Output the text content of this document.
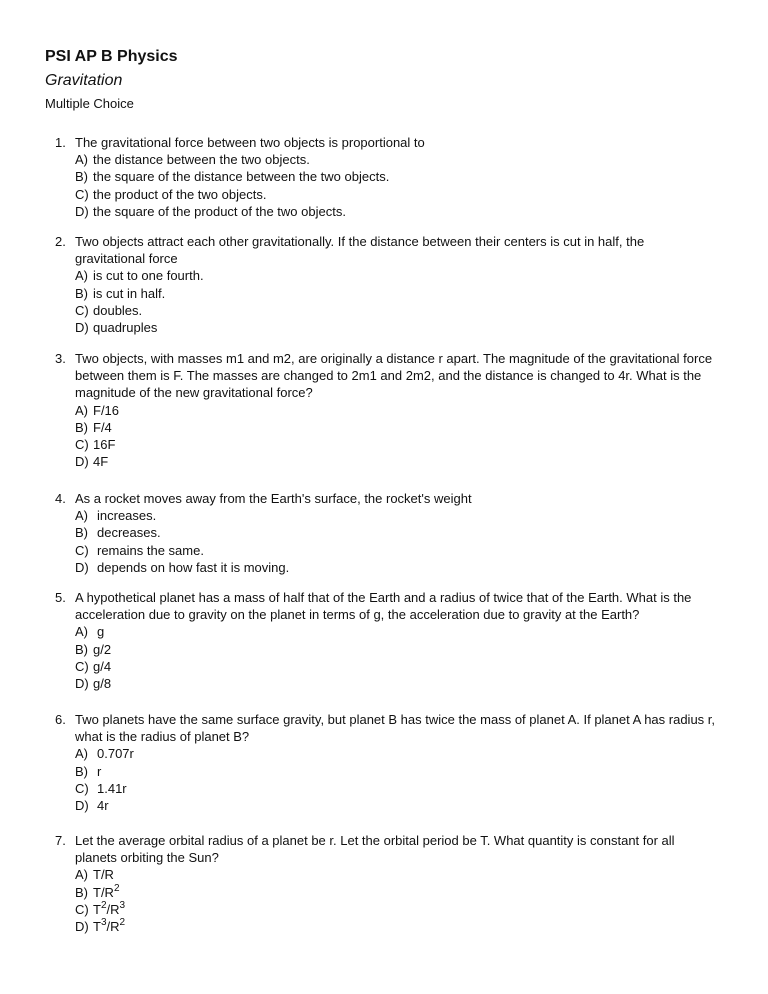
PSI AP B Physics
Gravitation
Multiple Choice
1. The gravitational force between two objects is proportional to
A) the distance between the two objects.
B) the square of the distance between the two objects.
C) the product of the two objects.
D) the square of the product of the two objects.
2. Two objects attract each other gravitationally. If the distance between their centers is cut in half, the gravitational force
A) is cut to one fourth.
B) is cut in half.
C) doubles.
D) quadruples
3. Two objects, with masses m1 and m2, are originally a distance r apart. The magnitude of the gravitational force
between them is F. The masses are changed to 2m1 and 2m2, and the distance is changed to 4r. What is the
magnitude of the new gravitational force?
A) F/16
B) F/4
C) 16F
D) 4F
4. As a rocket moves away from the Earth's surface, the rocket's weight
A) increases.
B) decreases.
C) remains the same.
D) depends on how fast it is moving.
5. A hypothetical planet has a mass of half that of the Earth and a radius of twice that of the Earth. What is the acceleration due to gravity on the planet in terms of g, the acceleration due to gravity at the Earth?
A) g
B) g/2
C) g/4
D) g/8
6. Two planets have the same surface gravity, but planet B has twice the mass of planet A. If planet A has radius r, what is the radius of planet B?
A) 0.707r
B) r
C) 1.41r
D) 4r
7. Let the average orbital radius of a planet be r. Let the orbital period be T. What quantity is constant for all planets orbiting the Sun?
A) T/R
B) T/R 2
C) T 2 /R 3
D) T 3 /R 2
